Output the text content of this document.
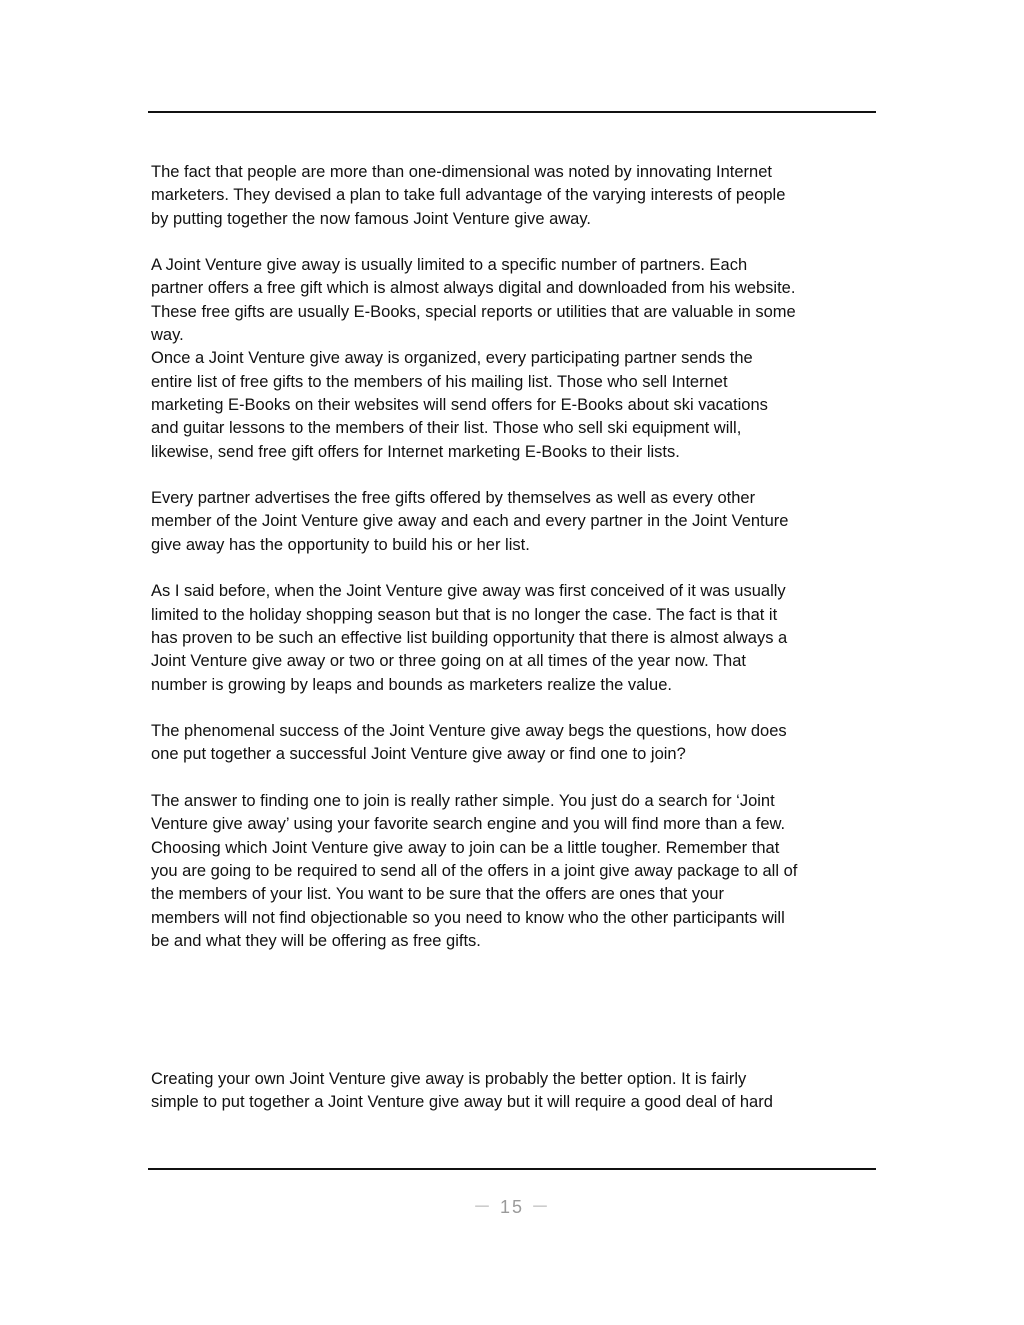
The fact that people are more than one-dimensional was noted by innovating Internet
marketers. They devised a plan to take full advantage of the varying interests of people
by putting together the now famous Joint Venture give away.

A Joint Venture give away is usually limited to a specific number of partners. Each
partner offers a free gift which is almost always digital and downloaded from his website.
These free gifts are usually E-Books, special reports or utilities that are valuable in some
way.

Once a Joint Venture give away is organized, every participating partner sends the
entire list of free gifts to the members of his mailing list. Those who sell Internet
marketing E-Books on their websites will send offers for E-Books about ski vacations
and guitar lessons to the members of their list. Those who sell ski equipment will,
likewise, send free gift offers for Internet marketing E-Books to their lists.

Every partner advertises the free gifts offered by themselves as well as every other
member of the Joint Venture give away and each and every partner in the Joint Venture
give away has the opportunity to build his or her list.

As I said before, when the Joint Venture give away was first conceived of it was usually
limited to the holiday shopping season but that is no longer the case. The fact is that it
has proven to be such an effective list building opportunity that there is almost always a
Joint Venture give away or two or three going on at all times of the year now. That
number is growing by leaps and bounds as marketers realize the value.

The phenomenal success of the Joint Venture give away begs the questions, how does
one put together a successful Joint Venture give away or find one to join?

The answer to finding one to join is really rather simple. You just do a search for ‘Joint
Venture give away’ using your favorite search engine and you will find more than a few.
Choosing which Joint Venture give away to join can be a little tougher. Remember that
you are going to be required to send all of the offers in a joint give away package to all of
the members of your list. You want to be sure that the offers are ones that your
members will not find objectionable so you need to know who the other participants will
be and what they will be offering as free gifts.

Creating your own Joint Venture give away is probably the better option. It is fairly
simple to put together a Joint Venture give away but it will require a good deal of hard

－ 15 －
